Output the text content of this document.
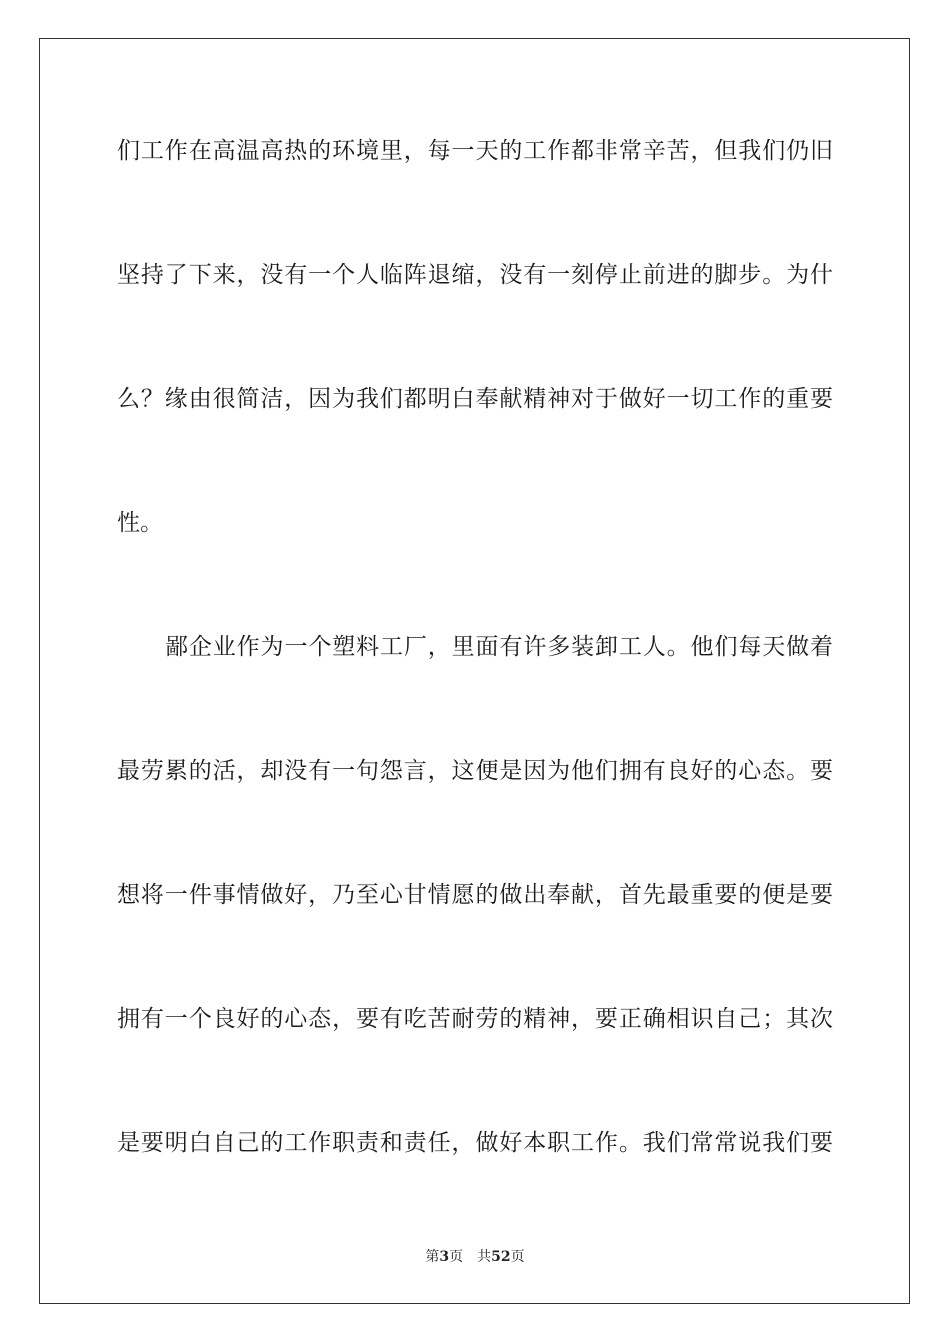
们工作在高温高热的环境里，每一天的工作都非常辛苦，但我们仍旧
坚持了下来，没有一个人临阵退缩，没有一刻停止前进的脚步。为什
么？缘由很简洁，因为我们都明白奉献精神对于做好一切工作的重要
性。
鄙企业作为一个塑料工厂，里面有许多装卸工人。他们每天做着
最劳累的活，却没有一句怨言，这便是因为他们拥有良好的心态。要
想将一件事情做好，乃至心甘情愿的做出奉献，首先最重要的便是要
拥有一个良好的心态，要有吃苦耐劳的精神，要正确相识自己；其次
是要明白自己的工作职责和责任，做好本职工作。我们常常说我们要
第3页 共52页
